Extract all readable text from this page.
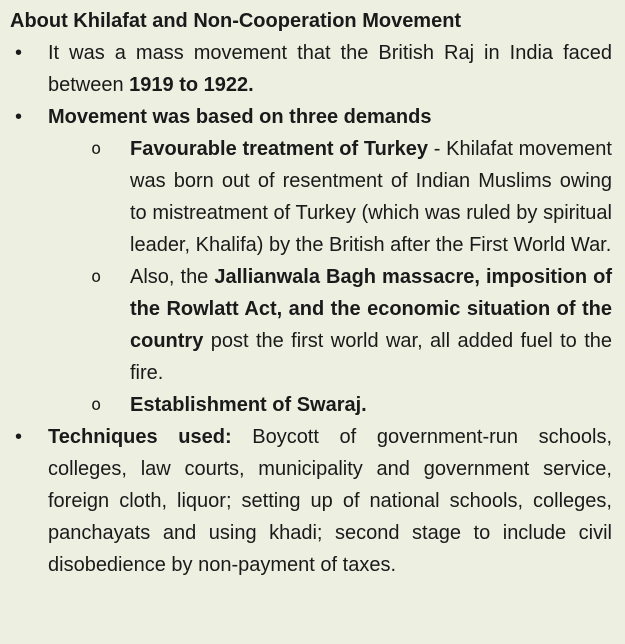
About Khilafat and Non-Cooperation Movement
• It was a mass movement that the British Raj in India faced between 1919 to 1922.

• Movement was based on three demands

o Favourable treatment of Turkey - Khilafat movement was born out of resentment of Indian Muslims owing to mistreatment of Turkey (which was ruled by spiritual leader, Khalifa) by the British after the First World War.

o Also, the Jallianwala Bagh massacre, imposition of the Rowlatt Act, and the economic situation of the country post the first world war, all added fuel to the fire.

o Establishment of Swaraj.

• Techniques used: Boycott of government-run schools, colleges, law courts, municipality and government service, foreign cloth, liquor; setting up of national schools, colleges, panchayats and using khadi; second stage to include civil disobedience by non-payment of taxes.
